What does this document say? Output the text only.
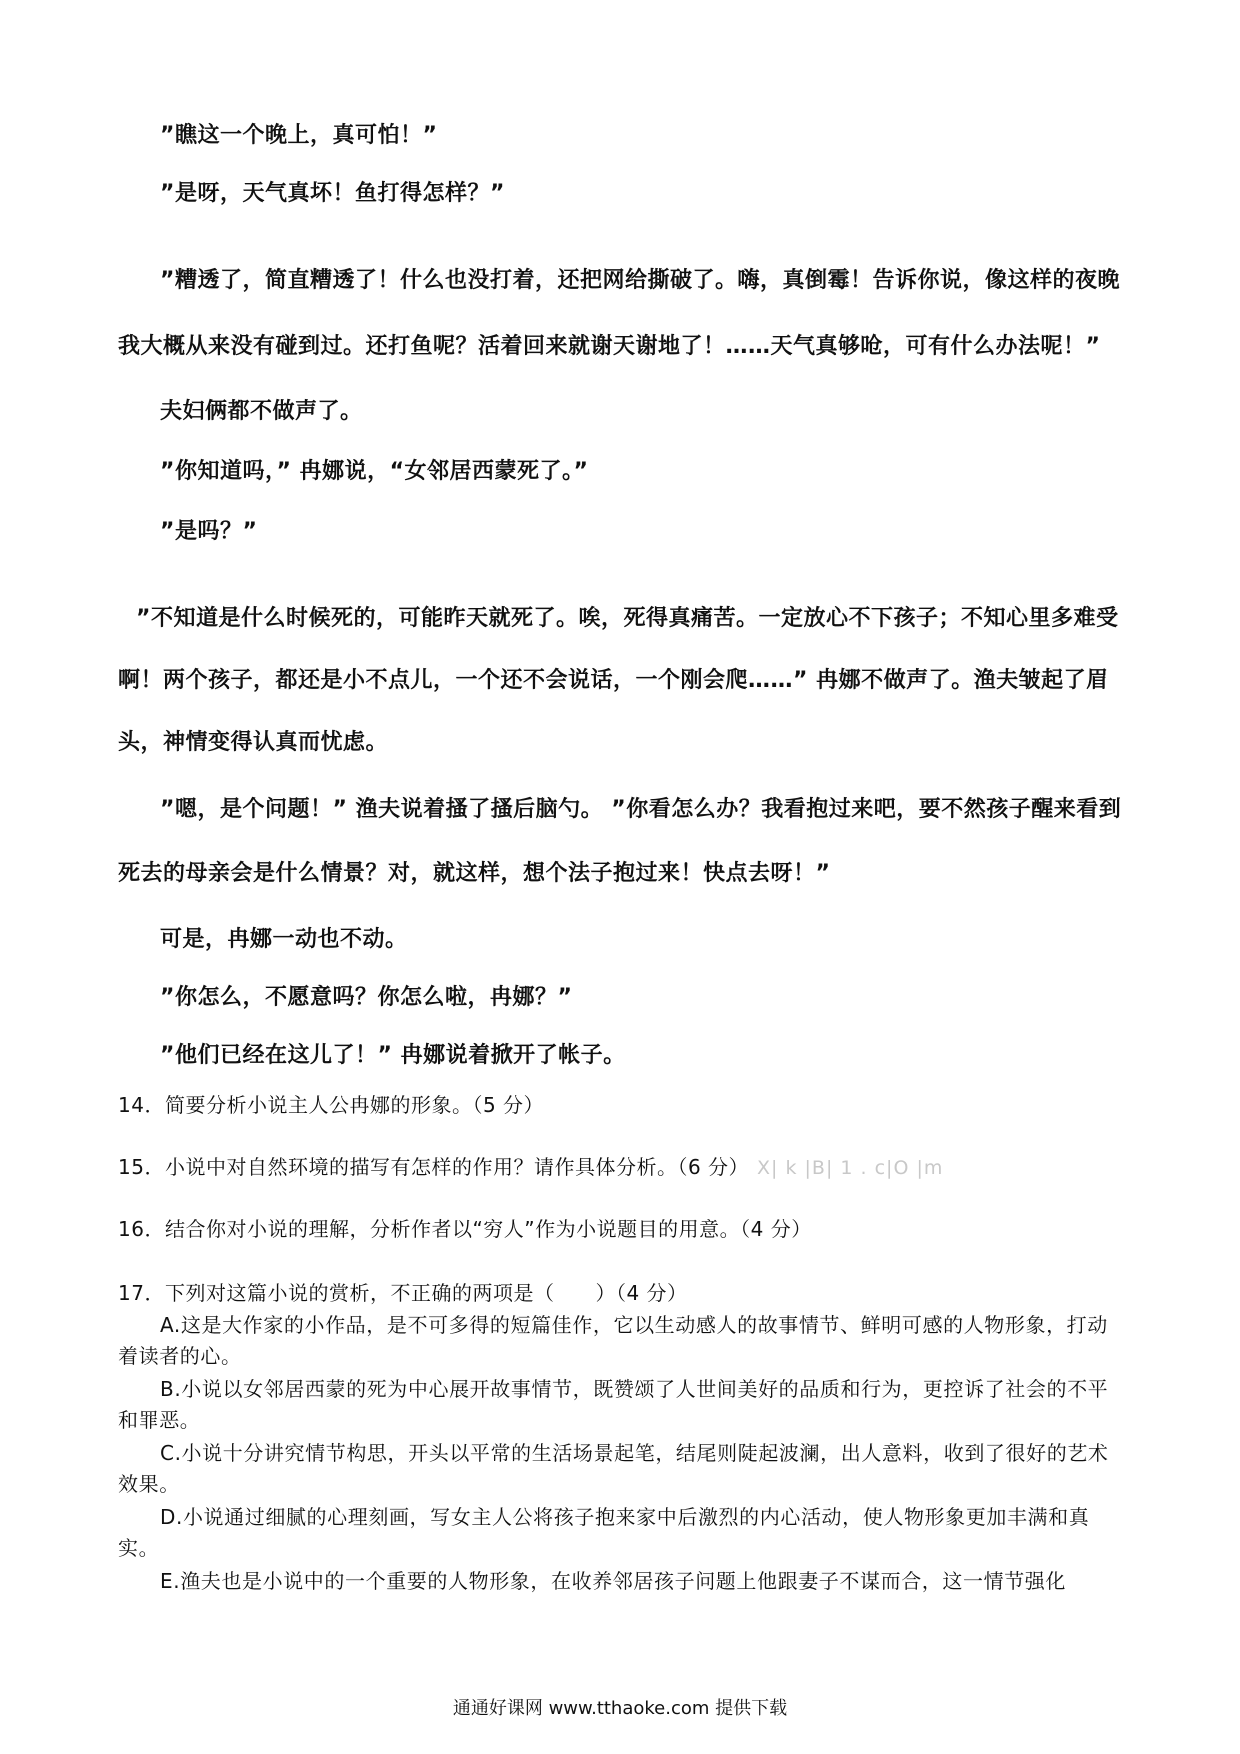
”瞧这一个晚上，真可怕！”

”是呀，天气真坏！鱼打得怎样？”

”糟透了，简直糟透了！什么也没打着，还把网给撕破了。嗨，真倒霉！告诉你说，像这样的夜晚我大概从来没有碰到过。还打鱼呢？活着回来就谢天谢地了！……天气真够呛，可有什么办法呢！”

夫妇俩都不做声了。

”你知道吗，” 冉娜说，“女邻居西蒙死了。”

”是吗？”

”不知道是什么时候死的，可能昨天就死了。唉，死得真痛苦。一定放心不下孩子；不知心里多难受啊！两个孩子，都还是小不点儿，一个还不会说话，一个刚会爬……” 冉娜不做声了。渔夫皱起了眉头，神情变得认真而忧虑。

”嗯，是个问题！” 渔夫说着搔了搔后脑勺。 ”你看怎么办？我看抱过来吧，要不然孩子醒来看到死去的母亲会是什么情景？对，就这样，想个法子抱过来！快点去呀！”

可是，冉娜一动也不动。

”你怎么，不愿意吗？你怎么啦，冉娜？”

”他们已经在这儿了！” 冉娜说着掀开了帐子。

14．简要分析小说主人公冉娜的形象。（5 分）

15．小说中对自然环境的描写有怎样的作用？请作具体分析。（6 分） X| k |B| 1 . c|O |m

16．结合你对小说的理解，分析作者以“穷人”作为小说题目的用意。（4 分）

17．下列对这篇小说的赏析，不正确的两项是（　　）（4 分）

A.这是大作家的小作品，是不可多得的短篇佳作，它以生动感人的故事情节、鲜明可感的人物形象，打动着读者的心。

B.小说以女邻居西蒙的死为中心展开故事情节，既赞颂了人世间美好的品质和行为，更控诉了社会的不平和罪恶。

C.小说十分讲究情节构思，开头以平常的生活场景起笔，结尾则陡起波澜，出人意料，收到了很好的艺术效果。

D.小说通过细腻的心理刻画，写女主人公将孩子抱来家中后激烈的内心活动，使人物形象更加丰满和真实。

E.渔夫也是小说中的一个重要的人物形象，在收养邻居孩子问题上他跟妻子不谋而合，这一情节强化

通通好课网 www.tthaoke.com 提供下载
